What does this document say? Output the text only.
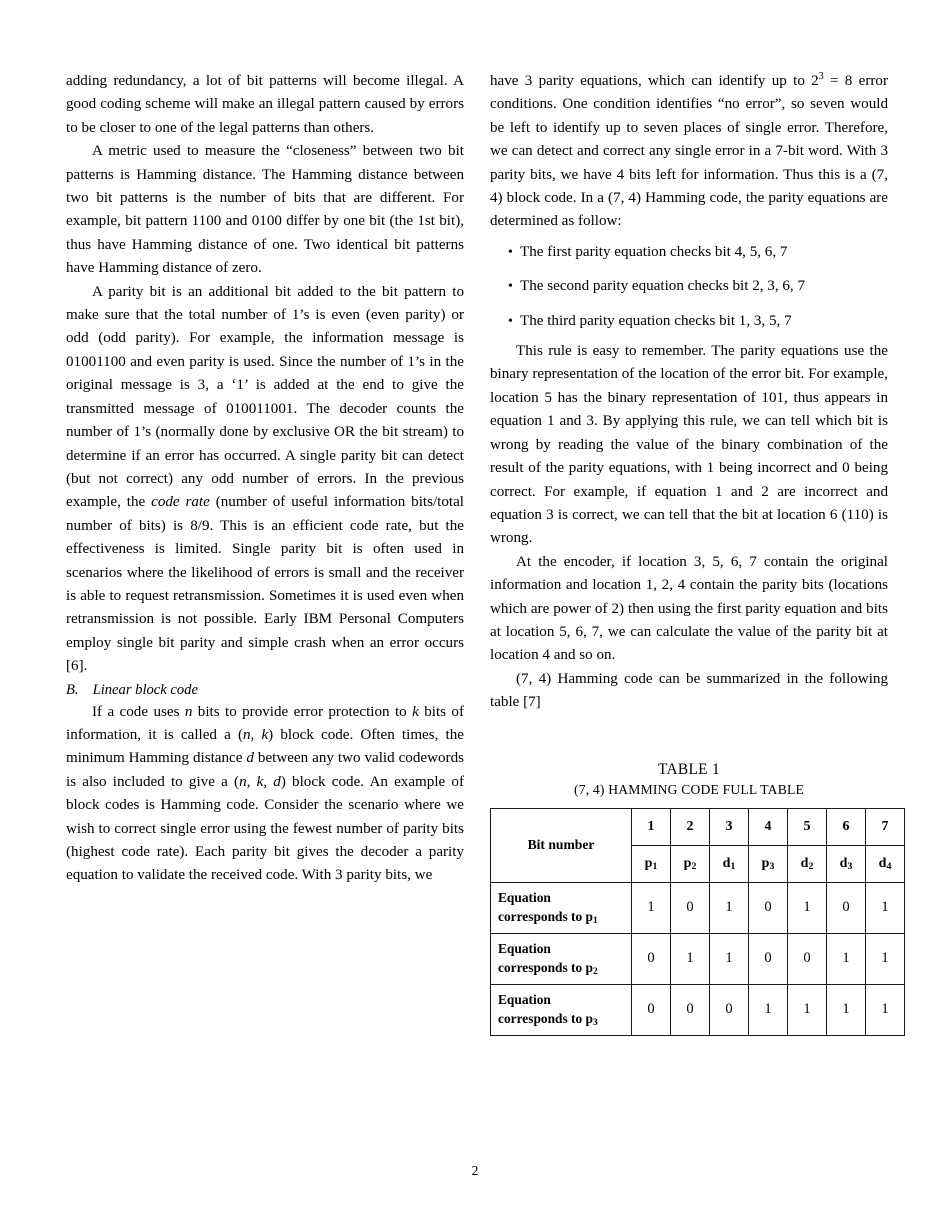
adding redundancy, a lot of bit patterns will become illegal. A good coding scheme will make an illegal pattern caused by errors to be closer to one of the legal patterns than others.

A metric used to measure the “closeness” between two bit patterns is Hamming distance. The Hamming distance between two bit patterns is the number of bits that are different. For example, bit pattern 1100 and 0100 differ by one bit (the 1st bit), thus have Hamming distance of one. Two identical bit patterns have Hamming distance of zero.

A parity bit is an additional bit added to the bit pattern to make sure that the total number of 1’s is even (even parity) or odd (odd parity). For example, the information message is 01001100 and even parity is used. Since the number of 1’s in the original message is 3, a ‘1’ is added at the end to give the transmitted message of 010011001. The decoder counts the number of 1’s (normally done by exclusive OR the bit stream) to determine if an error has occurred. A single parity bit can detect (but not correct) any odd number of errors. In the previous example, the code rate (number of useful information bits/total number of bits) is 8/9. This is an efficient code rate, but the effectiveness is limited. Single parity bit is often used in scenarios where the likelihood of errors is small and the receiver is able to request retransmission. Sometimes it is used even when retransmission is not possible. Early IBM Personal Computers employ single bit parity and simple crash when an error occurs [6].

B. Linear block code

If a code uses n bits to provide error protection to k bits of information, it is called a (n, k) block code. Often times, the minimum Hamming distance d between any two valid codewords is also included to give a (n, k, d) block code. An example of block codes is Hamming code. Consider the scenario where we wish to correct single error using the fewest number of parity bits (highest code rate). Each parity bit gives the decoder a parity equation to validate the received code. With 3 parity bits, we

have 3 parity equations, which can identify up to $2^3 = 8$ error conditions. One condition identifies “no error”, so seven would be left to identify up to seven places of single error. Therefore, we can detect and correct any single error in a 7-bit word. With 3 parity bits, we have 4 bits left for information. Thus this is a (7, 4) block code. In a (7, 4) Hamming code, the parity equations are determined as follow:

• The first parity equation checks bit 4, 5, 6, 7
• The second parity equation checks bit 2, 3, 6, 7
• The third parity equation checks bit 1, 3, 5, 7

This rule is easy to remember. The parity equations use the binary representation of the location of the error bit. For example, location 5 has the binary representation of 101, thus appears in equation 1 and 3. By applying this rule, we can tell which bit is wrong by reading the value of the binary combination of the result of the parity equations, with 1 being incorrect and 0 being correct. For example, if equation 1 and 2 are incorrect and equation 3 is correct, we can tell that the bit at location 6 (110) is wrong.

At the encoder, if location 3, 5, 6, 7 contain the original information and location 1, 2, 4 contain the parity bits (locations which are power of 2) then using the first parity equation and bits at location 5, 6, 7, we can calculate the value of the parity bit at location 4 and so on.

(7, 4) Hamming code can be summarized in the following table [7]

TABLE 1
(7, 4) HAMMING CODE FULL TABLE
Bit number	1	2	3	4	5	6	7
	$p_1$	$p_2$	$d_1$	$p_3$	$d_2$	$d_3$	$d_4$
Equation
corresponds to $p_1$	1	0	1	0	1	0	1
Equation
corresponds to $p_2$	0	1	1	0	0	1	1
Equation
corresponds to $p_3$	0	0	0	1	1	1	1
2
